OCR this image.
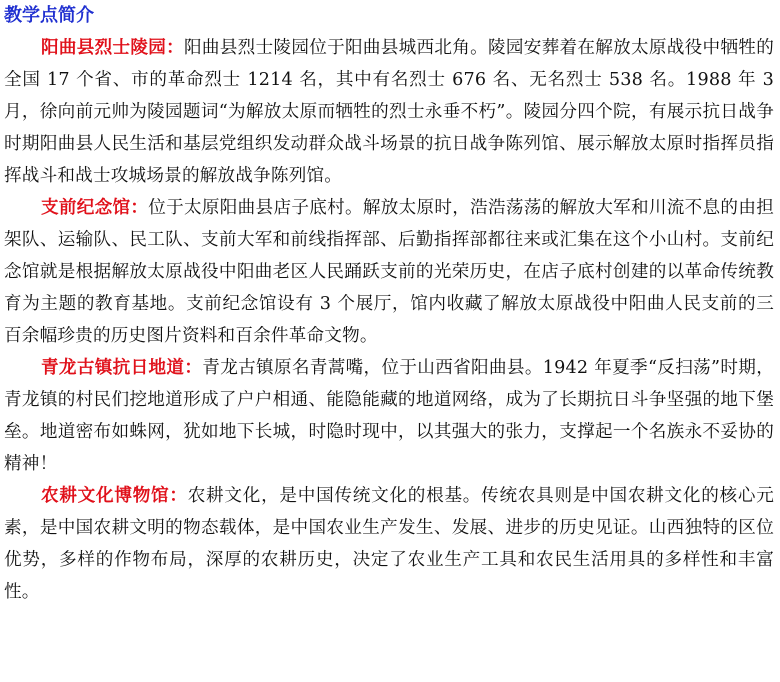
教学点简介

阳曲县烈士陵园：阳曲县烈士陵园位于阳曲县城西北角。陵园安葬着在解放太原战役中牺牲的全国 17 个省、市的革命烈士 1214 名，其中有名烈士 676 名、无名烈士 538 名。1988 年 3 月，徐向前元帅为陵园题词“为解放太原而牺牲的烈士永垂不朽”。陵园分四个院，有展示抗日战争时期阳曲县人民生活和基层党组织发动群众战斗场景的抗日战争陈列馆、展示解放太原时指挥员指挥战斗和战士攻城场景的解放战争陈列馆。

支前纪念馆：位于太原阳曲县店子底村。解放太原时，浩浩荡荡的解放大军和川流不息的由担架队、运输队、民工队、支前大军和前线指挥部、后勤指挥部都往来或汇集在这个小山村。支前纪念馆就是根据解放太原战役中阳曲老区人民踊跃支前的光荣历史，在店子底村创建的以革命传统教育为主题的教育基地。支前纪念馆设有 3 个展厅，馆内收藏了解放太原战役中阳曲人民支前的三百余幅珍贵的历史图片资料和百余件革命文物。

青龙古镇抗日地道：青龙古镇原名青蒿嘴，位于山西省阳曲县。1942 年夏季“反扫荡”时期，青龙镇的村民们挖地道形成了户户相通、能隐能藏的地道网络，成为了长期抗日斗争坚强的地下堡垒。地道密布如蛛网，犹如地下长城，时隐时现中，以其强大的张力，支撑起一个名族永不妥协的精神！

农耕文化博物馆：农耕文化，是中国传统文化的根基。传统农具则是中国农耕文化的核心元素，是中国农耕文明的物态载体，是中国农业生产发生、发展、进步的历史见证。山西独特的区位优势，多样的作物布局，深厚的农耕历史，决定了农业生产工具和农民生活用具的多样性和丰富性。
